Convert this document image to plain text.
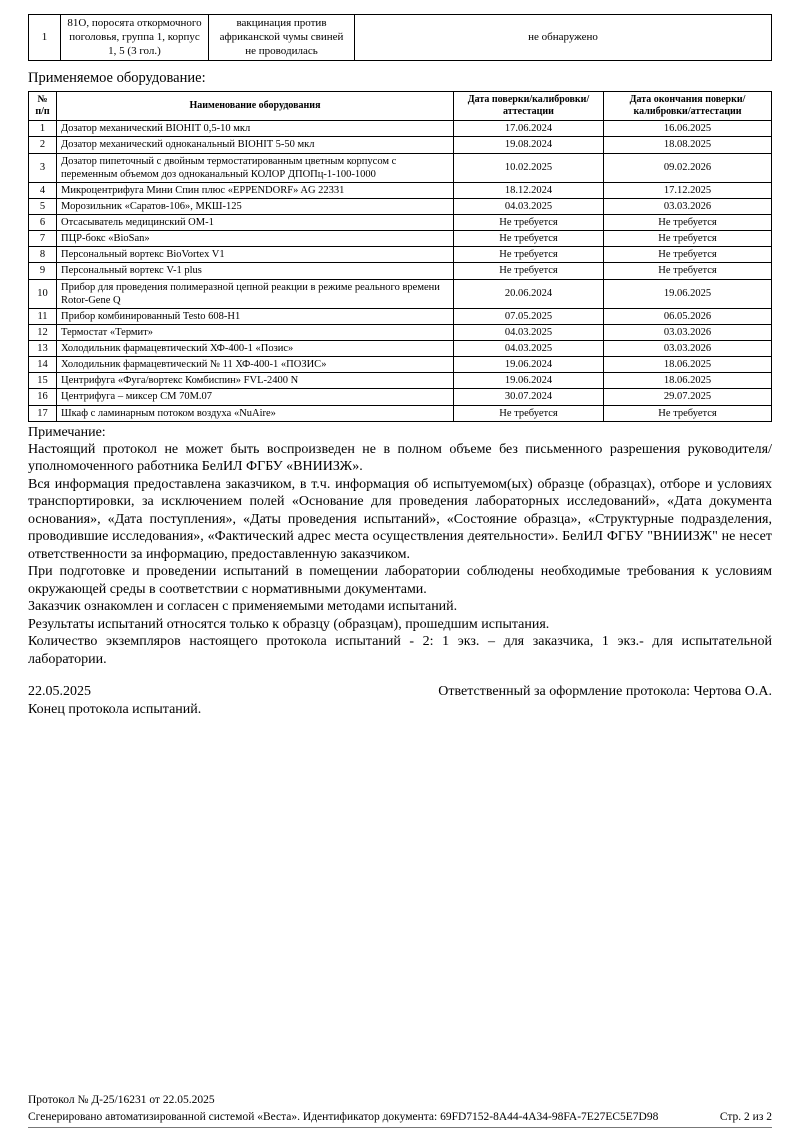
1	81О, поросята откормочного поголовья, группа 1, корпус 1, 5 (3 гол.)	вакцинация против африканской чумы свиней не проводилась	не обнаружено
Применяемое оборудование:
№ п/п	Наименование оборудования	Дата поверки/калибровки/аттестации	Дата окончания поверки/калибровки/аттестации
1	Дозатор механический BIOHIT 0,5-10 мкл	17.06.2024	16.06.2025
2	Дозатор механический одноканальный BIOHIT 5-50 мкл	19.08.2024	18.08.2025
3	Дозатор пипеточный с двойным термостатированным цветным корпусом с переменным объемом доз одноканальный КОЛОР ДПОПц-1-100-1000	10.02.2025	09.02.2026
4	Микроцентрифуга Мини Спин плюс «EPPENDORF» AG 22331	18.12.2024	17.12.2025
5	Морозильник «Саратов-106», МКШ-125	04.03.2025	03.03.2026
6	Отсасыватель медицинский ОМ-1	Не требуется	Не требуется
7	ПЦР-бокс «BioSan»	Не требуется	Не требуется
8	Персональный вортекс BioVortex V1	Не требуется	Не требуется
9	Персональный вортекс V-1 plus	Не требуется	Не требуется
10	Прибор для проведения полимеразной цепной реакции в режиме реального времени Rotor-Gene Q	20.06.2024	19.06.2025
11	Прибор комбинированный Testo 608-H1	07.05.2025	06.05.2026
12	Термостат «Термит»	04.03.2025	03.03.2026
13	Холодильник фармацевтический ХФ-400-1 «Позис»	04.03.2025	03.03.2026
14	Холодильник фармацевтический № 11 ХФ-400-1 «ПОЗИС»	19.06.2024	18.06.2025
15	Центрифуга «Фуга/вортекс Комбиспин» FVL-2400 N	19.06.2024	18.06.2025
16	Центрифуга – миксер СМ 70М.07	30.07.2024	29.07.2025
17	Шкаф с ламинарным потоком воздуха «NuAire»	Не требуется	Не требуется
Примечание:

Настоящий протокол не может быть воспроизведен не в полном объеме без письменного разрешения руководителя/уполномоченного работника БелИЛ ФГБУ «ВНИИЗЖ».

Вся информация предоставлена заказчиком, в т.ч. информация об испытуемом(ых) образце (образцах), отборе и условиях транспортировки, за исключением полей «Основание для проведения лабораторных исследований», «Дата документа основания», «Дата поступления», «Даты проведения испытаний», «Состояние образца», «Структурные подразделения, проводившие исследования», «Фактический адрес места осуществления деятельности». БелИЛ ФГБУ "ВНИИЗЖ" не несет ответственности за информацию, предоставленную заказчиком.

При подготовке и проведении испытаний в помещении лаборатории соблюдены необходимые требования к условиям окружающей среды в соответствии с нормативными документами.

Заказчик ознакомлен и согласен с применяемыми методами испытаний.

Результаты испытаний относятся только к образцу (образцам), прошедшим испытания.

Количество экземпляров настоящего протокола испытаний - 2: 1 экз. – для заказчика, 1 экз.- для испытательной лаборатории.

22.05.2025	Ответственный за оформление протокола: Чертова О.А.
Конец протокола испытаний.
Протокол № Д-25/16231 от 22.05.2025
Сгенерировано автоматизированной системой «Веста». Идентификатор документа: 69FD7152-8A44-4A34-98FA-7E27EC5E7D98	Стр. 2 из 2
